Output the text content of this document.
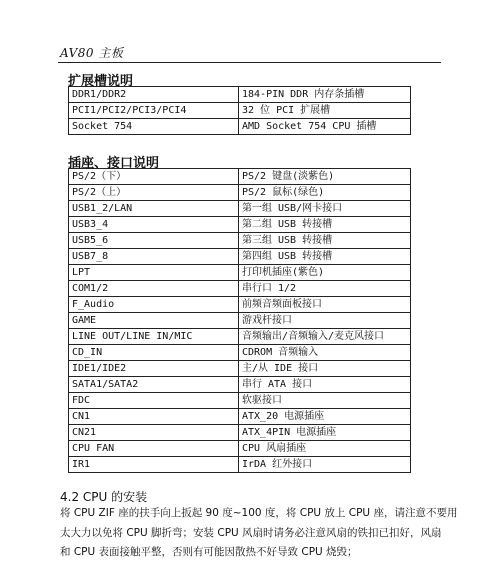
AV80 主板
扩展槽说明
DDR1/DDR2	184-PIN DDR 内存条插槽
PCI1/PCI2/PCI3/PCI4	32 位 PCI 扩展槽
Socket 754	AMD Socket 754 CPU 插槽
插座、接口说明
PS/2（下）	PS/2 键盘(淡紫色)
PS/2（上）	PS/2 鼠标(绿色)
USB1_2/LAN	第一组 USB/网卡接口
USB3_4	第二组 USB 转接槽
USB5_6	第三组 USB 转接槽
USB7_8	第四组 USB 转接槽
LPT	打印机插座(紫色)
COM1/2	串行口 1/2
F_Audio	前频音频面板接口
GAME	游戏杆接口
LINE OUT/LINE IN/MIC	音频输出/音频输入/麦克风接口
CD_IN	CDROM 音频输入
IDE1/IDE2	主/从 IDE 接口
SATA1/SATA2	串行 ATA 接口
FDC	软驱接口
CN1	ATX_20 电源插座
CN21	ATX_4PIN 电源插座
CPU FAN	CPU 风扇插座
IR1	IrDA 红外接口
4.2 CPU 的安装
将 CPU ZIF 座的扶手向上扳起 90 度~100 度，将 CPU 放上 CPU 座，请注意不要用
太大力以免将 CPU 脚折弯；安装 CPU 风扇时请务必注意风扇的铁扣已扣好，风扇
和 CPU 表面接触平整，否则有可能因散热不好导致 CPU 烧毁；
